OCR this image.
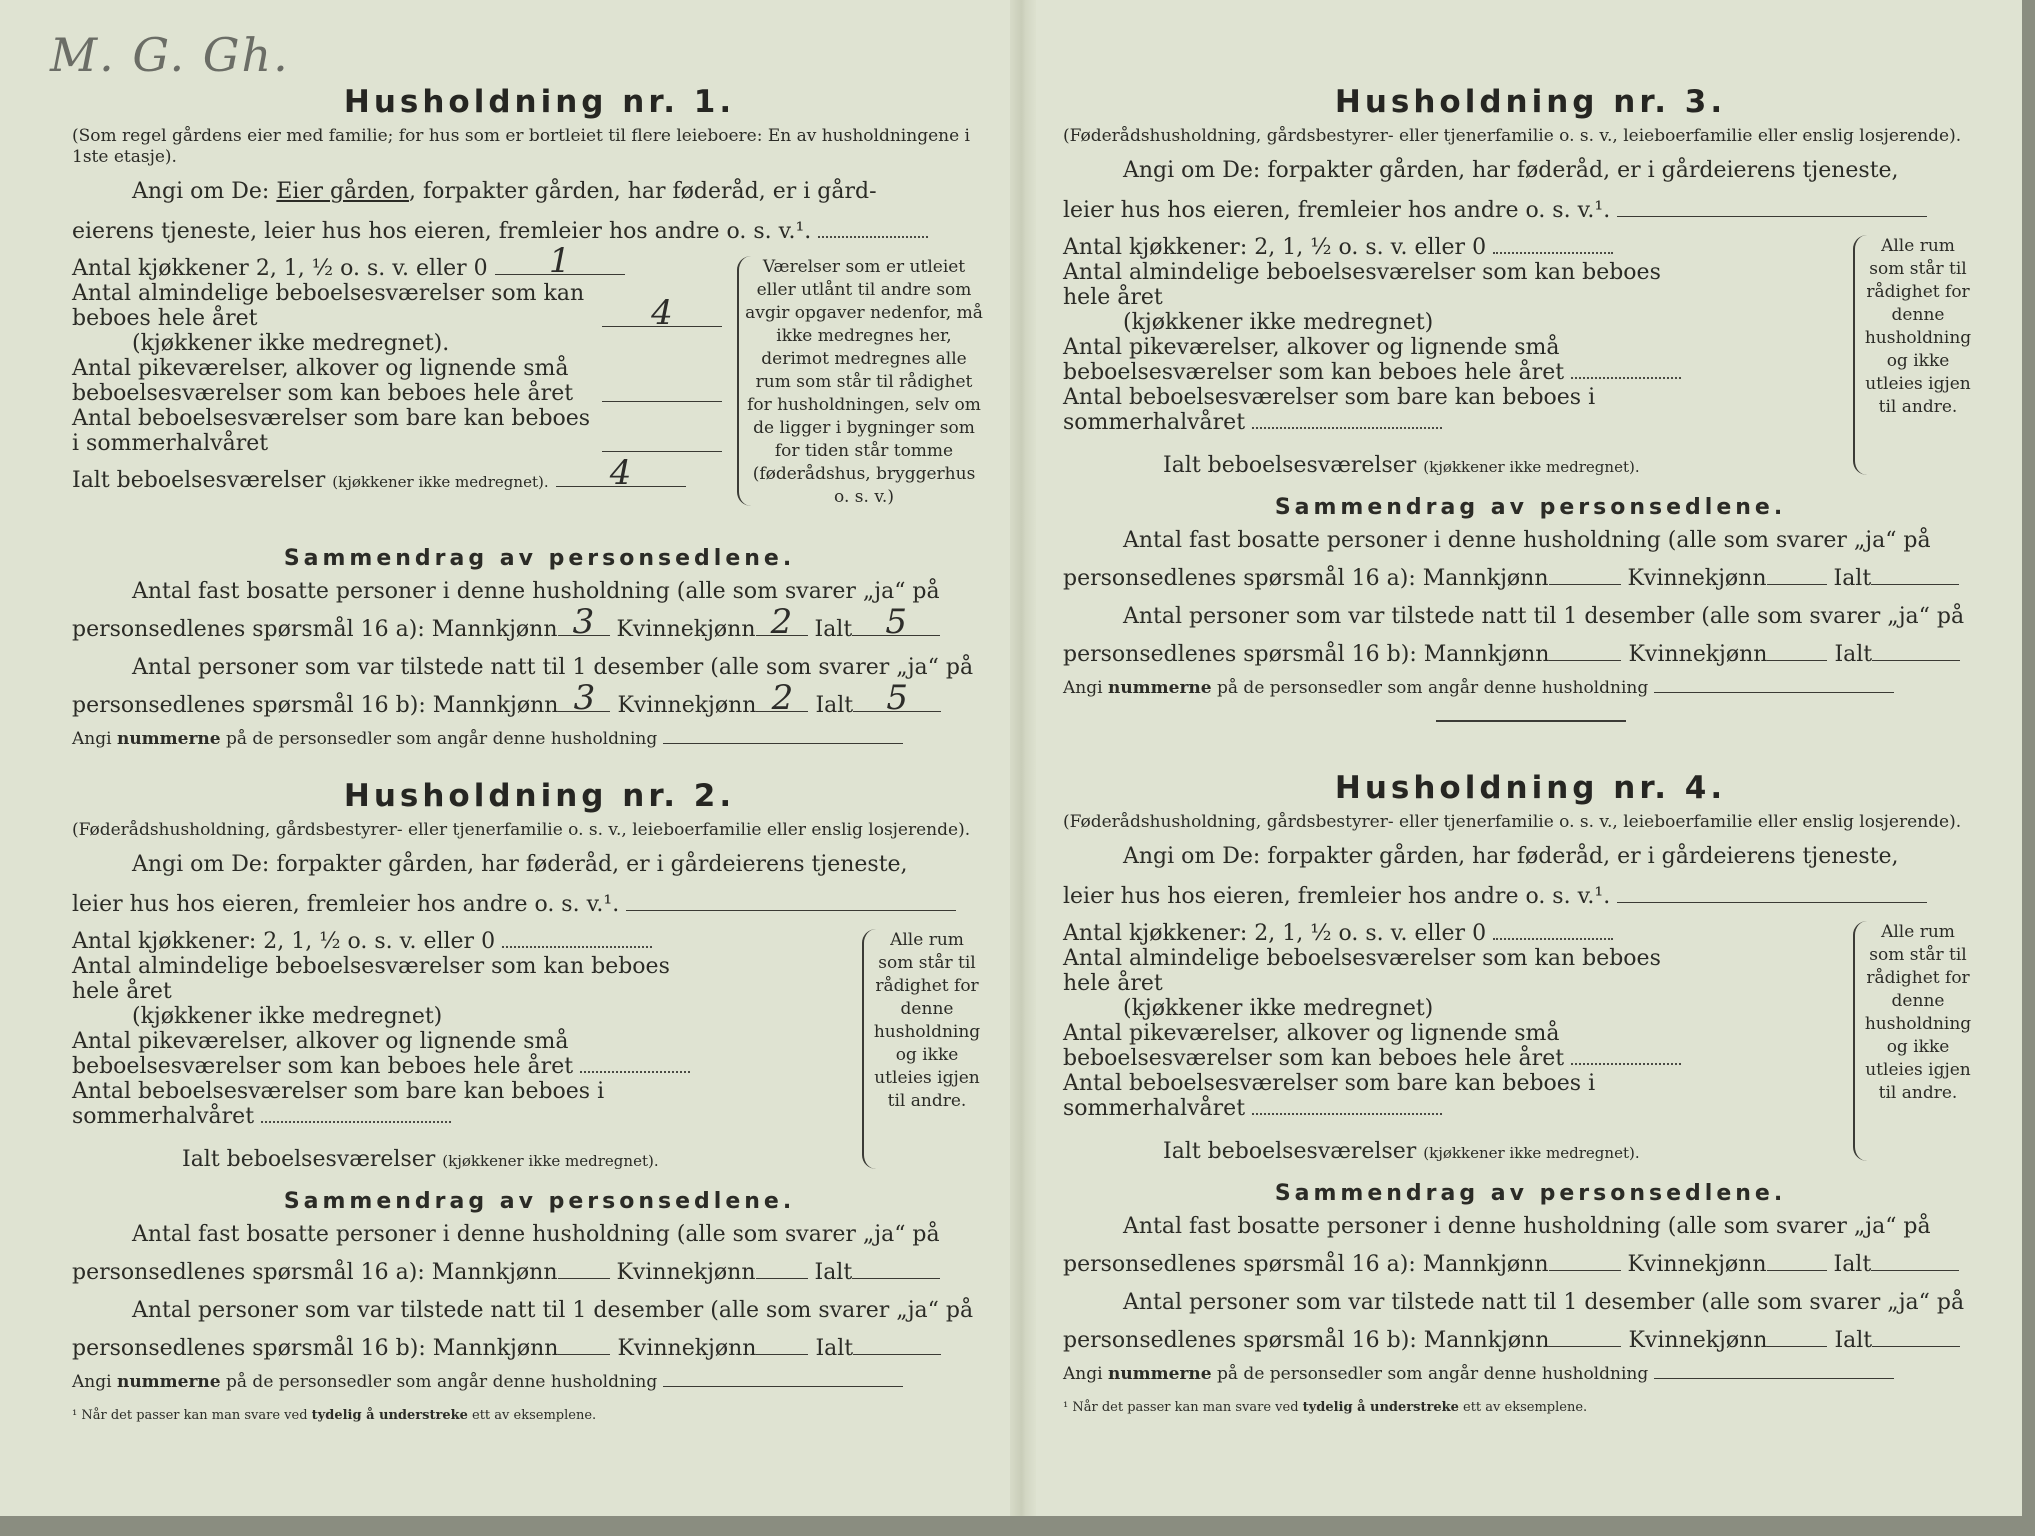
M. G. Gh.
Husholdning nr. 1.
(Som regel gårdens eier med familie; for hus som er bortleiet til flere leieboere: En av husholdningene i 1ste etasje).
Angi om De: Eier gården, forpakter gården, har føderåd, er i gård-
eierens tjeneste, leier hus hos eieren, fremleier hos andre o. s. v.¹.
Antal kjøkkener 2, 1, ½ o. s. v. eller 0 1
Antal almindelige beboelsesværelser som kan beboes hele året	4
(kjøkkener ikke medregnet).
Antal pikeværelser, alkover og lignende små beboelsesværelser som kan beboes hele året
Antal beboelsesværelser som bare kan beboes i sommerhalvåret
Ialt beboelsesværelser (kjøkkener ikke medregnet). 4
Værelser som er utleiet eller utlånt til andre som avgir opgaver nedenfor, må ikke medregnes her, derimot medregnes alle rum som står til rådighet for husholdningen, selv om de ligger i bygninger som for tiden står tomme (føderådshus, bryggerhus o. s. v.)
Sammendrag av personsedlene.
Antal fast bosatte personer i denne husholdning (alle som svarer „ja“ på
personsedlenes spørsmål 16 a): Mannkjønn 3 Kvinnekjønn 2 Ialt 5
Antal personer som var tilstede natt til 1 desember (alle som svarer „ja“ på
personsedlenes spørsmål 16 b): Mannkjønn 3 Kvinnekjønn 2 Ialt 5
Angi nummerne på de personsedler som angår denne husholdning
Husholdning nr. 2.
(Føderådshusholdning, gårdsbestyrer- eller tjenerfamilie o. s. v., leieboerfamilie eller enslig losjerende).
Angi om De: forpakter gården, har føderåd, er i gårdeierens tjeneste,
leier hus hos eieren, fremleier hos andre o. s. v.¹.
Antal kjøkkener: 2, 1, ½ o. s. v. eller 0
Antal almindelige beboelsesværelser som kan beboes hele året
(kjøkkener ikke medregnet)
Antal pikeværelser, alkover og lignende små beboelsesværelser som kan beboes hele året
Antal beboelsesværelser som bare kan beboes i sommerhalvåret
Ialt beboelsesværelser (kjøkkener ikke medregnet).
Alle rum som står til rådighet for denne husholdning og ikke utleies igjen til andre.
Sammendrag av personsedlene.
Antal fast bosatte personer i denne husholdning (alle som svarer „ja“ på
personsedlenes spørsmål 16 a): Mannkjønn	Kvinnekjønn	Ialt
Antal personer som var tilstede natt til 1 desember (alle som svarer „ja“ på
personsedlenes spørsmål 16 b): Mannkjønn	Kvinnekjønn	Ialt
Angi nummerne på de personsedler som angår denne husholdning
¹ Når det passer kan man svare ved tydelig å understreke ett av eksemplene.
Husholdning nr. 3.
(Føderådshusholdning, gårdsbestyrer- eller tjenerfamilie o. s. v., leieboerfamilie eller enslig losjerende).
Angi om De: forpakter gården, har føderåd, er i gårdeierens tjeneste,
leier hus hos eieren, fremleier hos andre o. s. v.¹.
Antal kjøkkener: 2, 1, ½ o. s. v. eller 0
Antal almindelige beboelsesværelser som kan beboes hele året
(kjøkkener ikke medregnet)
Antal pikeværelser, alkover og lignende små beboelsesværelser som kan beboes hele året
Antal beboelsesværelser som bare kan beboes i sommerhalvåret
Ialt beboelsesværelser (kjøkkener ikke medregnet).
Alle rum som står til rådighet for denne husholdning og ikke utleies igjen til andre.
Sammendrag av personsedlene.
Antal fast bosatte personer i denne husholdning (alle som svarer „ja“ på
personsedlenes spørsmål 16 a): Mannkjønn	Kvinnekjønn	Ialt
Antal personer som var tilstede natt til 1 desember (alle som svarer „ja“ på
personsedlenes spørsmål 16 b): Mannkjønn	Kvinnekjønn	Ialt
Angi nummerne på de personsedler som angår denne husholdning
Husholdning nr. 4.
(Føderådshusholdning, gårdsbestyrer- eller tjenerfamilie o. s. v., leieboerfamilie eller enslig losjerende).
Angi om De: forpakter gården, har føderåd, er i gårdeierens tjeneste,
leier hus hos eieren, fremleier hos andre o. s. v.¹.
Antal kjøkkener: 2, 1, ½ o. s. v. eller 0
Antal almindelige beboelsesværelser som kan beboes hele året
(kjøkkener ikke medregnet)
Antal pikeværelser, alkover og lignende små beboelsesværelser som kan beboes hele året
Antal beboelsesværelser som bare kan beboes i sommerhalvåret
Ialt beboelsesværelser (kjøkkener ikke medregnet).
Alle rum som står til rådighet for denne husholdning og ikke utleies igjen til andre.
Sammendrag av personsedlene.
Antal fast bosatte personer i denne husholdning (alle som svarer „ja“ på
personsedlenes spørsmål 16 a): Mannkjønn	Kvinnekjønn	Ialt
Antal personer som var tilstede natt til 1 desember (alle som svarer „ja“ på
personsedlenes spørsmål 16 b): Mannkjønn	Kvinnekjønn	Ialt
Angi nummerne på de personsedler som angår denne husholdning
¹ Når det passer kan man svare ved tydelig å understreke ett av eksemplene.
